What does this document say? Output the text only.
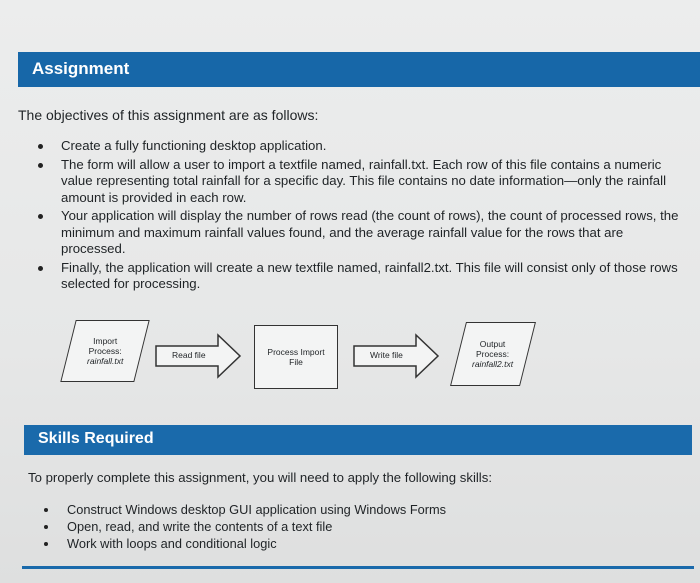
Assignment
The objectives of this assignment are as follows:
Create a fully functioning desktop application.
The form will allow a user to import a textfile named, rainfall.txt. Each row of this file contains a numeric value representing total rainfall for a specific day. This file contains no date information—only the rainfall amount is provided in each row.
Your application will display the number of rows read (the count of rows), the count of processed rows, the minimum and maximum rainfall values found, and the average rainfall value for the rows that are processed.
Finally, the application will create a new textfile named, rainfall2.txt. This file will consist only of those rows selected for processing.
Import
Process:
rainfall.txt
Read file	Process Import
File
Write file
Output
Process:
rainfall2.txt
Skills Required
To properly complete this assignment, you will need to apply the following skills:
Construct Windows desktop GUI application using Windows Forms
Open, read, and write the contents of a text file
Work with loops and conditional logic
